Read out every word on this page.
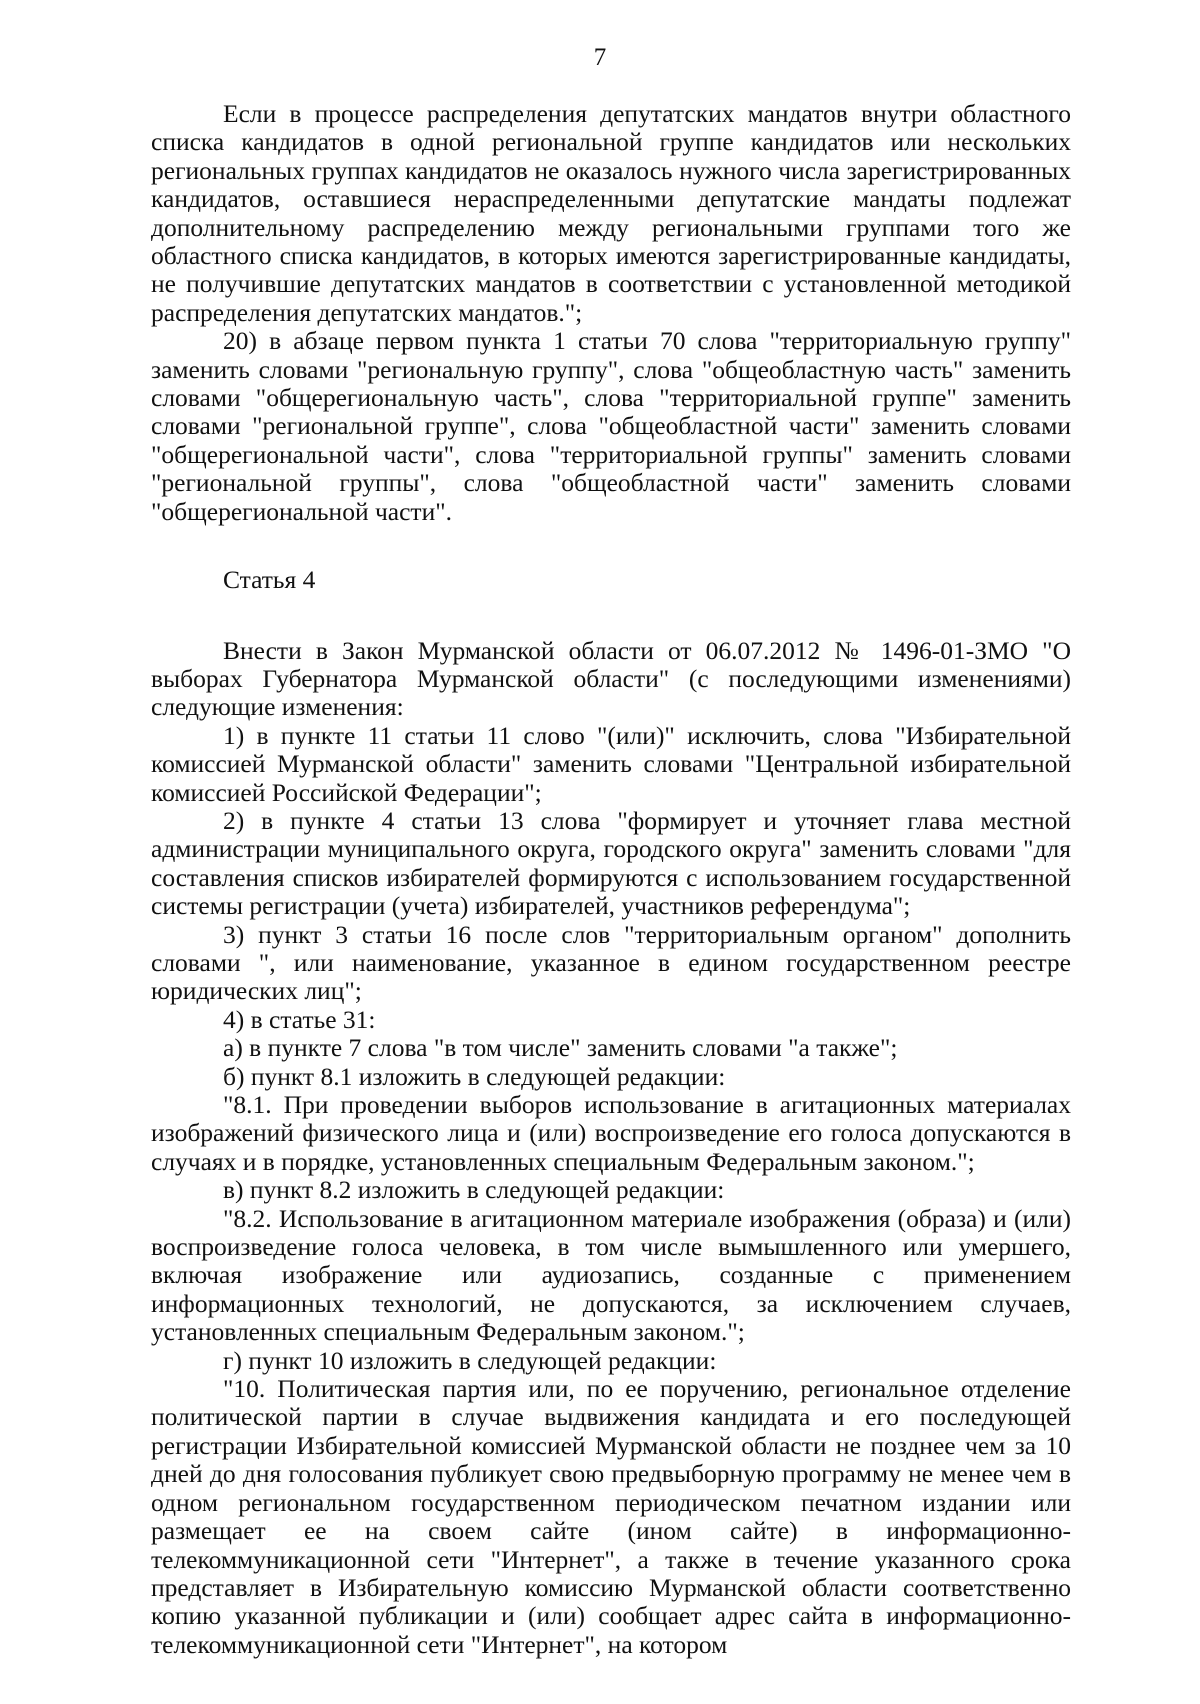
7

Если в процессе распределения депутатских мандатов внутри областного списка кандидатов в одной региональной группе кандидатов или нескольких региональных группах кандидатов не оказалось нужного числа зарегистрированных кандидатов, оставшиеся нераспределенными депутатские мандаты подлежат дополнительному распределению между региональными группами того же областного списка кандидатов, в которых имеются зарегистрированные кандидаты, не получившие депутатских мандатов в соответствии с установленной методикой распределения депутатских мандатов.";

20) в абзаце первом пункта 1 статьи 70 слова "территориальную группу" заменить словами "региональную группу", слова "общеобластную часть" заменить словами "общерегиональную часть", слова "территориальной группе" заменить словами "региональной группе", слова "общеобластной части" заменить словами "общерегиональной части", слова "территориальной группы" заменить словами "региональной группы", слова "общеобластной части" заменить словами "общерегиональной части".

Статья 4

Внести в Закон Мурманской области от 06.07.2012 № 1496-01-ЗМО "О выборах Губернатора Мурманской области" (с последующими изменениями) следующие изменения:

1) в пункте 11 статьи 11 слово "(или)" исключить, слова "Избирательной комиссией Мурманской области" заменить словами "Центральной избирательной комиссией Российской Федерации";

2) в пункте 4 статьи 13 слова "формирует и уточняет глава местной администрации муниципального округа, городского округа" заменить словами "для составления списков избирателей формируются с использованием государственной системы регистрации (учета) избирателей, участников референдума";

3) пункт 3 статьи 16 после слов "территориальным органом" дополнить словами ", или наименование, указанное в едином государственном реестре юридических лиц";

4) в статье 31:

а) в пункте 7 слова "в том числе" заменить словами "а также";

б) пункт 8.1 изложить в следующей редакции:

"8.1. При проведении выборов использование в агитационных материалах изображений физического лица и (или) воспроизведение его голоса допускаются в случаях и в порядке, установленных специальным Федеральным законом.";

в) пункт 8.2 изложить в следующей редакции:

"8.2. Использование в агитационном материале изображения (образа) и (или) воспроизведение голоса человека, в том числе вымышленного или умершего, включая изображение или аудиозапись, созданные с применением информационных технологий, не допускаются, за исключением случаев, установленных специальным Федеральным законом.";

г) пункт 10 изложить в следующей редакции:

"10. Политическая партия или, по ее поручению, региональное отделение политической партии в случае выдвижения кандидата и его последующей регистрации Избирательной комиссией Мурманской области не позднее чем за 10 дней до дня голосования публикует свою предвыборную программу не менее чем в одном региональном государственном периодическом печатном издании или размещает ее на своем сайте (ином сайте) в информационно-телекоммуникационной сети "Интернет", а также в течение указанного срока представляет в Избирательную комиссию Мурманской области соответственно копию указанной публикации и (или) сообщает адрес сайта в информационно-телекоммуникационной сети "Интернет", на котором
